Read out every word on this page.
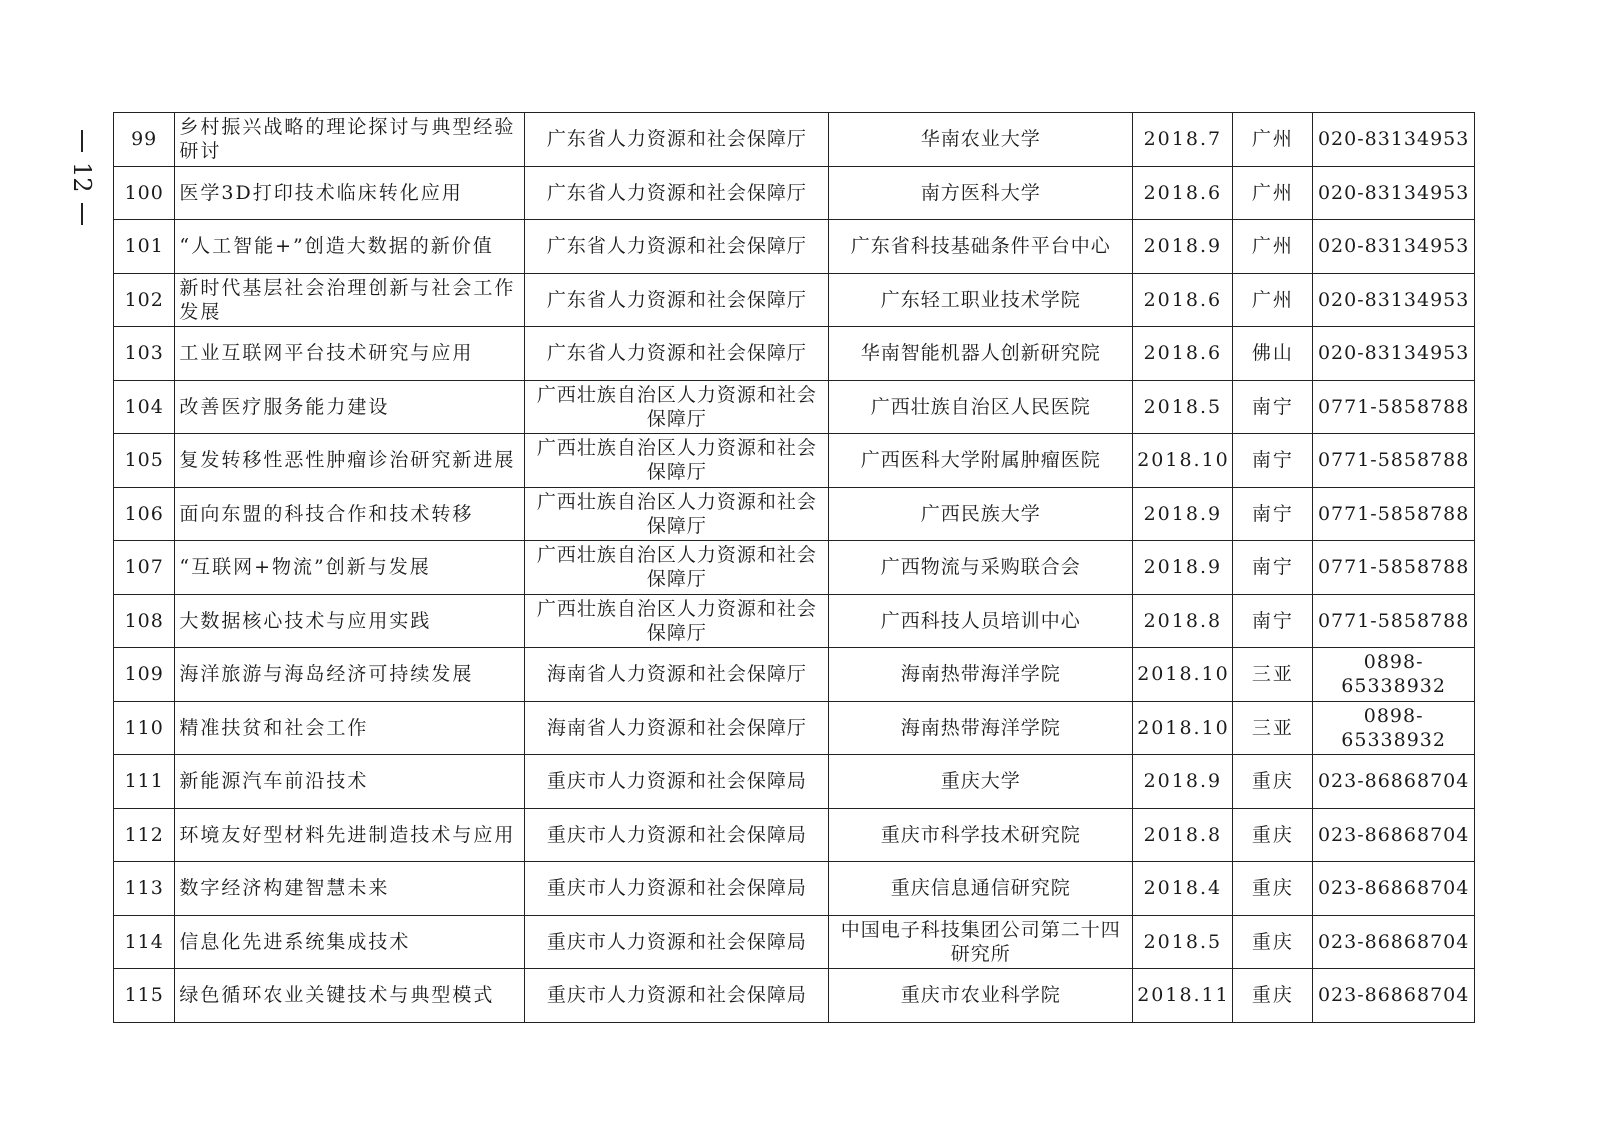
12
99	乡村振兴战略的理论探讨与典型经验研讨	广东省人力资源和社会保障厅	华南农业大学	2018.7	广州	020-83134953
100	医学3D打印技术临床转化应用	广东省人力资源和社会保障厅	南方医科大学	2018.6	广州	020-83134953
101	“人工智能+”创造大数据的新价值	广东省人力资源和社会保障厅	广东省科技基础条件平台中心	2018.9	广州	020-83134953
102	新时代基层社会治理创新与社会工作发展	广东省人力资源和社会保障厅	广东轻工职业技术学院	2018.6	广州	020-83134953
103	工业互联网平台技术研究与应用	广东省人力资源和社会保障厅	华南智能机器人创新研究院	2018.6	佛山	020-83134953
104	改善医疗服务能力建设	广西壮族自治区人力资源和社会保障厅	广西壮族自治区人民医院	2018.5	南宁	0771-5858788
105	复发转移性恶性肿瘤诊治研究新进展	广西壮族自治区人力资源和社会保障厅	广西医科大学附属肿瘤医院	2018.10	南宁	0771-5858788
106	面向东盟的科技合作和技术转移	广西壮族自治区人力资源和社会保障厅	广西民族大学	2018.9	南宁	0771-5858788
107	“互联网+物流”创新与发展	广西壮族自治区人力资源和社会保障厅	广西物流与采购联合会	2018.9	南宁	0771-5858788
108	大数据核心技术与应用实践	广西壮族自治区人力资源和社会保障厅	广西科技人员培训中心	2018.8	南宁	0771-5858788
109	海洋旅游与海岛经济可持续发展	海南省人力资源和社会保障厅	海南热带海洋学院	2018.10	三亚	0898-65338932
110	精准扶贫和社会工作	海南省人力资源和社会保障厅	海南热带海洋学院	2018.10	三亚	0898-65338932
111	新能源汽车前沿技术	重庆市人力资源和社会保障局	重庆大学	2018.9	重庆	023-86868704
112	环境友好型材料先进制造技术与应用	重庆市人力资源和社会保障局	重庆市科学技术研究院	2018.8	重庆	023-86868704
113	数字经济构建智慧未来	重庆市人力资源和社会保障局	重庆信息通信研究院	2018.4	重庆	023-86868704
114	信息化先进系统集成技术	重庆市人力资源和社会保障局	中国电子科技集团公司第二十四研究所	2018.5	重庆	023-86868704
115	绿色循环农业关键技术与典型模式	重庆市人力资源和社会保障局	重庆市农业科学院	2018.11	重庆	023-86868704
